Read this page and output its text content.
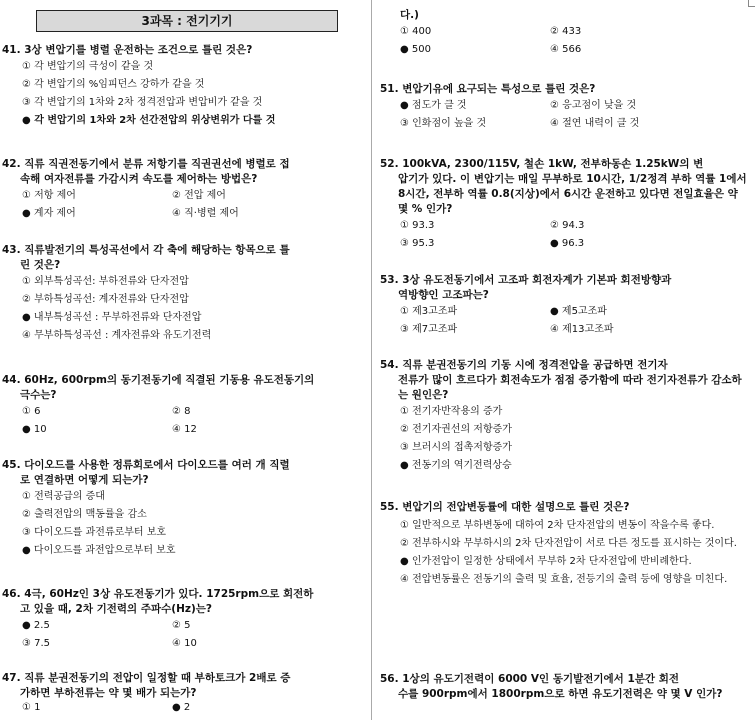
3과목 : 전기기기

41. 3상 변압기를 병렬 운전하는 조건으로 틀린 것은?

① 각 변압기의 극성이 같을 것
② 각 변압기의 %임피던스 강하가 같을 것
③ 각 변압기의 1차와 2차 정격전압과 변압비가 같을 것
● 각 변압기의 1차와 2차 선간전압의 위상변위가 다를 것

42. 직류 직권전동기에서 분류 저항기를 직권권선에 병렬로 접

속해 여자전류를 가감시켜 속도를 제어하는 방법은?

① 저항 제어	② 전압 제어
● 계자 제어	④ 직·병렬 제어

43. 직류발전기의 특성곡선에서 각 축에 해당하는 항목으로 틀

린 것은?

① 외부특성곡선: 부하전류와 단자전압
② 부하특성곡선: 계자전류와 단자전압
● 내부특성곡선 : 무부하전류와 단자전압
④ 무부하특성곡선 : 계자전류와 유도기전력

44. 60Hz, 600rpm의 동기전동기에 직결된 기동용 유도전동기의

극수는?

① 6	② 8
● 10	④ 12

45. 다이오드를 사용한 정류회로에서 다이오드를 여러 개 직렬

로 연결하면 어떻게 되는가?

① 전력공급의 증대
② 출력전압의 맥동률을 감소
③ 다이오드를 과전류로부터 보호
● 다이오드를 과전압으로부터 보호

46. 4극, 60Hz인 3상 유도전동기가 있다. 1725rpm으로 회전하

고 있을 때, 2차 기전력의 주파수(Hz)는?

● 2.5	② 5
③ 7.5	④ 10

47. 직류 분권전동기의 전압이 일정할 때 부하토크가 2배로 증

가하면 부하전류는 약 몇 배가 되는가?

① 1	● 2

다.)

① 400	② 433
● 500	④ 566

51. 변압기유에 요구되는 특성으로 틀린 것은?

● 점도가 클 것	② 응고점이 낮을 것
③ 인화점이 높을 것	④ 절연 내력이 클 것

52. 100kVA, 2300/115V, 철손 1kW, 전부하동손 1.25kW의 변

압기가 있다. 이 변압기는 매일 무부하로 10시간, 1/2정격 부하 역률 1에서 8시간, 전부하 역률 0.8(지상)에서 6시간 운전하고 있다면 전일효율은 약 몇 % 인가?

① 93.3	② 94.3
③ 95.3	● 96.3

53. 3상 유도전동기에서 고조파 회전자계가 기본파 회전방향과

역방향인 고조파는?

① 제3고조파	● 제5고조파
③ 제7고조파	④ 제13고조파

54. 직류 분권전동기의 기동 시에 정격전압을 공급하면 전기자

전류가 많이 흐르다가 회전속도가 점점 증가함에 따라 전기자전류가 감소하는 원인은?

① 전기자반작용의 증가
② 전기자권선의 저항증가
③ 브러시의 접촉저항증가
● 전동기의 역기전력상승

55. 변압기의 전압변동률에 대한 설명으로 틀린 것은?

① 일반적으로 부하변동에 대하여 2차 단자전압의 변동이 작을수록 좋다.
② 전부하시와 무부하시의 2차 단자전압이 서로 다른 정도를 표시하는 것이다.
● 인가전압이 일정한 상태에서 무부하 2차 단자전압에 반비례한다.
④ 전압변동률은 전동기의 출력 및 효율, 전등기의 출력 등에 영향을 미친다.

56. 1상의 유도기전력이 6000 V인 동기발전기에서 1분간 회전

수를 900rpm에서 1800rpm으로 하면 유도기전력은 약 몇 V 인가?
